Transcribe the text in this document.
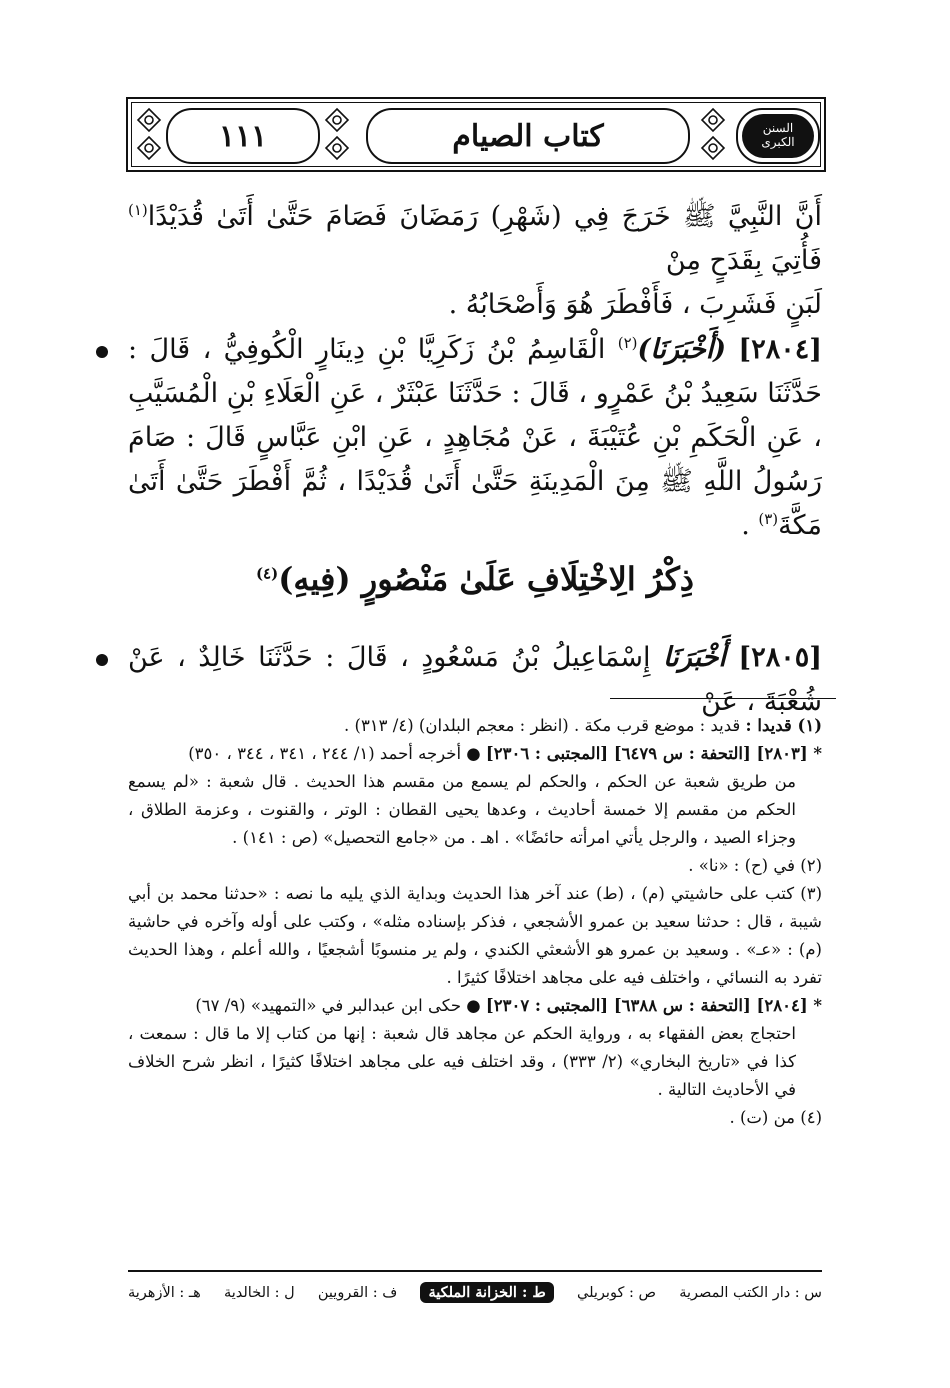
١١١	كتاب الصيام	السنن
الكبرى

أَنَّ النَّبِيَّ ﷺ خَرَجَ فِي (شَهْرِ) رَمَضَانَ فَصَامَ حَتَّىٰ أَتَىٰ قُدَيْدًا$^{(١)}$ فَأُتِيَ بِقَدَحٍ مِنْ

لَبَنٍ فَشَرِبَ ، فَأَفْطَرَ هُوَ وَأَصْحَابُهُ .

[٢٨٠٤] (أَخْبَرَنَا)$^{(٢)}$ الْقَاسِمُ بْنُ زَكَرِيَّا بْنِ دِينَارٍ الْكُوفِيُّ ، قَالَ : حَدَّثَنَا سَعِيدُ بْنُ عَمْرٍو ، قَالَ : حَدَّثَنَا عَبْثَرٌ ، عَنِ الْعَلَاءِ بْنِ الْمُسَيَّبِ ، عَنِ الْحَكَمِ بْنِ عُتَيْبَةَ ، عَنْ مُجَاهِدٍ ، عَنِ ابْنِ عَبَّاسٍ قَالَ : صَامَ رَسُولُ اللَّهِ ﷺ مِنَ الْمَدِينَةِ حَتَّىٰ أَتَىٰ قُدَيْدًا ، ثُمَّ أَفْطَرَ حَتَّىٰ أَتَىٰ مَكَّةَ$^{(٣)}$ .

ذِكْرُ الِاخْتِلَافِ عَلَىٰ مَنْصُورٍ (فِيهِ)$^{(٤)}$

[٢٨٠٥] أَخْبَرَنَا إِسْمَاعِيلُ بْنُ مَسْعُودٍ ، قَالَ : حَدَّثَنَا خَالِدٌ ، عَنْ شُعْبَةَ ، عَنْ

(١) قديدا : قديد : موضع قرب مكة . (انظر : معجم البلدان) (٤/ ٣١٣) .

* [٢٨٠٣] [التحفة : س ٦٤٧٩] [المجتبى : ٢٣٠٦] ● أخرجه أحمد (١/ ٢٤٤ ، ٣٤١ ، ٣٤٤ ، ٣٥٠)

من طريق شعبة عن الحكم ، والحكم لم يسمع من مقسم هذا الحديث . قال شعبة : «لم يسمع الحكم من مقسم إلا خمسة أحاديث ، وعدها يحيى القطان : الوتر ، والقنوت ، وعزمة الطلاق ، وجزاء الصيد ، والرجل يأتي امرأته حائضًا» . اهـ . من «جامع التحصيل» (ص : ١٤١) .

(٢) في (ح) : «نا» .

(٣) كتب على حاشيتي (م) ، (ط) عند آخر هذا الحديث وبداية الذي يليه ما نصه : «حدثنا محمد بن أبي شيبة ، قال : حدثنا سعيد بن عمرو الأشجعي ، فذكر بإسناده مثله» ، وكتب على أوله وآخره في حاشية (م) : «عـ» . وسعيد بن عمرو هو الأشعثي الكندي ، ولم ير منسوبًا أشجعيًا ، والله أعلم ، وهذا الحديث تفرد به النسائي ، واختلف فيه على مجاهد اختلافًا كثيرًا .

* [٢٨٠٤] [التحفة : س ٦٣٨٨] [المجتبى : ٢٣٠٧] ● حكى ابن عبدالبر في «التمهيد» (٩/ ٦٧)

احتجاج بعض الفقهاء به ، ورواية الحكم عن مجاهد قال شعبة : إنها من كتاب إلا ما قال : سمعت ، كذا في «تاريخ البخاري» (٢/ ٣٣٣) ، وقد اختلف فيه على مجاهد اختلافًا كثيرًا ، انظر شرح الخلاف في الأحاديث التالية .

(٤) من (ت) .

س : دار الكتب المصرية
ص : كوبريلي
ط : الخزانة الملكية
ف : القرويين
ل : الخالدية
هـ : الأزهرية
